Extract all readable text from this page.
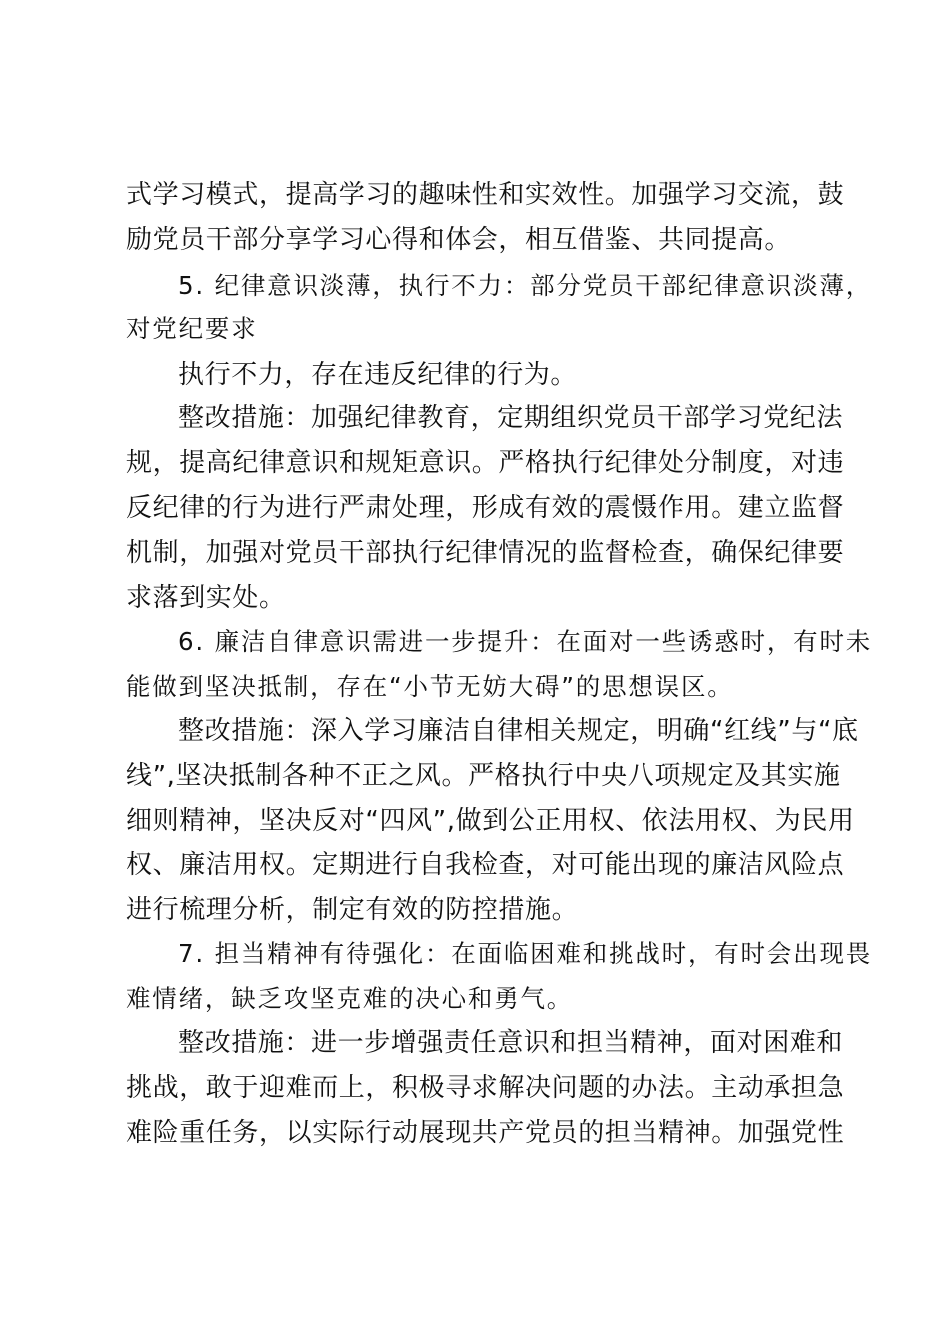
式学习模式，提高学习的趣味性和实效性。加强学习交流，鼓
励党员干部分享学习心得和体会，相互借鉴、共同提高。
5. 纪律意识淡薄，执行不力：部分党员干部纪律意识淡薄，
对党纪要求
执行不力，存在违反纪律的行为。
整改措施：加强纪律教育，定期组织党员干部学习党纪法
规，提高纪律意识和规矩意识。严格执行纪律处分制度，对违
反纪律的行为进行严肃处理，形成有效的震慑作用。建立监督
机制，加强对党员干部执行纪律情况的监督检查，确保纪律要
求落到实处。
6. 廉洁自律意识需进一步提升：在面对一些诱惑时，有时未
能做到坚决抵制，存在“小节无妨大碍”的思想误区。
整改措施：深入学习廉洁自律相关规定，明确“红线”与“底
线”,坚决抵制各种不正之风。严格执行中央八项规定及其实施
细则精神，坚决反对“四风”,做到公正用权、依法用权、为民用
权、廉洁用权。定期进行自我检查，对可能出现的廉洁风险点
进行梳理分析，制定有效的防控措施。
7. 担当精神有待强化：在面临困难和挑战时，有时会出现畏
难情绪，缺乏攻坚克难的决心和勇气。
整改措施：进一步增强责任意识和担当精神，面对困难和
挑战，敢于迎难而上，积极寻求解决问题的办法。主动承担急
难险重任务，以实际行动展现共产党员的担当精神。加强党性
